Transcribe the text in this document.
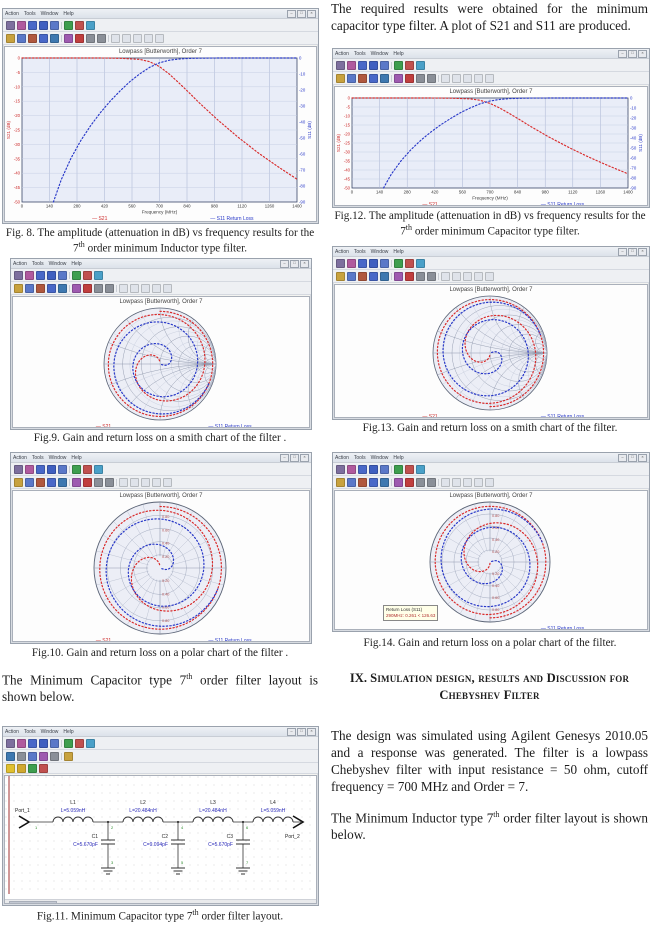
The required results were obtained for the minimum capacitor type filter. A plot of S21 and S11 are produced.

Action Tools Window Help	–	□	×
Lowpass [Butterworth], Order 7
0	140	280	420	560	700	840	980	1120	1260	1400
0
-5
-10
-15
-20
-25
-30
-35
-40
-45
-50
0
-10
-20
-30
-40
-50
-60
-70
-80
-90
Frequency (MHz)
S21 (dB)	S11 (dB)
— S21	— S11 Return Loss
Fig. 8. The amplitude (attenuation in dB) vs frequency results for the 7th order minimum Inductor type filter.
Action Tools Window Help	–	□	×
Lowpass [Butterworth], Order 7
0	140	280	420	560	700	840	980	1120	1260	1400
0
-5
-10
-15
-20
-25
-30
-35
-40
-45
-50
0
-10
-20
-30
-40
-50
-60
-70
-80
-90
Frequency (MHz)
S21 (dB)	S11 (dB)
— S21	— S11 Return Loss
Fig.12. The amplitude (attenuation in dB) vs frequency results for the 7th order minimum Capacitor type filter.
Action Tools Window Help	–	□	×
Lowpass [Butterworth], Order 7
— S21	— S11 Return Loss
Fig.9. Gain and return loss on a smith chart of the filter .
Action Tools Window Help	–	□	×
Lowpass [Butterworth], Order 7
— S21	— S11 Return Loss
Fig.13. Gain and return loss on a smith chart of the filter.
Action Tools Window Help	–	□	×
Lowpass [Butterworth], Order 7
0.20
0.20
0.40
0.40
0.60
0.60
0.80
0.80
— S21	— S11 Return Loss
Fig.10. Gain and return loss on a polar chart of the filter .
Action Tools Window Help	–	□	×
Lowpass [Butterworth], Order 7
0.20
0.20
0.40
0.40
0.60
0.60
0.80
0.80
Return Loss (S11)
290MHz: 0.261 < 126.63
— S11 Return Loss
Fig.14. Gain and return loss on a polar chart of the filter.

The Minimum Capacitor type 7th order filter layout is shown below.

IX. Simulation design, results and Discussion for Chebyshev Filter

The design was simulated using Agilent Genesys 2010.05 and a response was generated. The filter is a lowpass Chebyshev filter with input resistance = 50 ohm, cutoff frequency = 700 MHz and Order = 7.

The Minimum Inductor type 7th order filter layout is shown below.

Action Tools Window Help	–	□	×
Port_1
1
L1
L=5.059nH
L2
L=20.484nH
L3
L=20.484nH
L4
L=5.059nH
Port_2
2
3
C1
C=5.670pF
4
5
C2
C=9.094pF
6
7
C3
C=5.670pF
Fig.11. Minimum Capacitor type 7th order filter layout.
